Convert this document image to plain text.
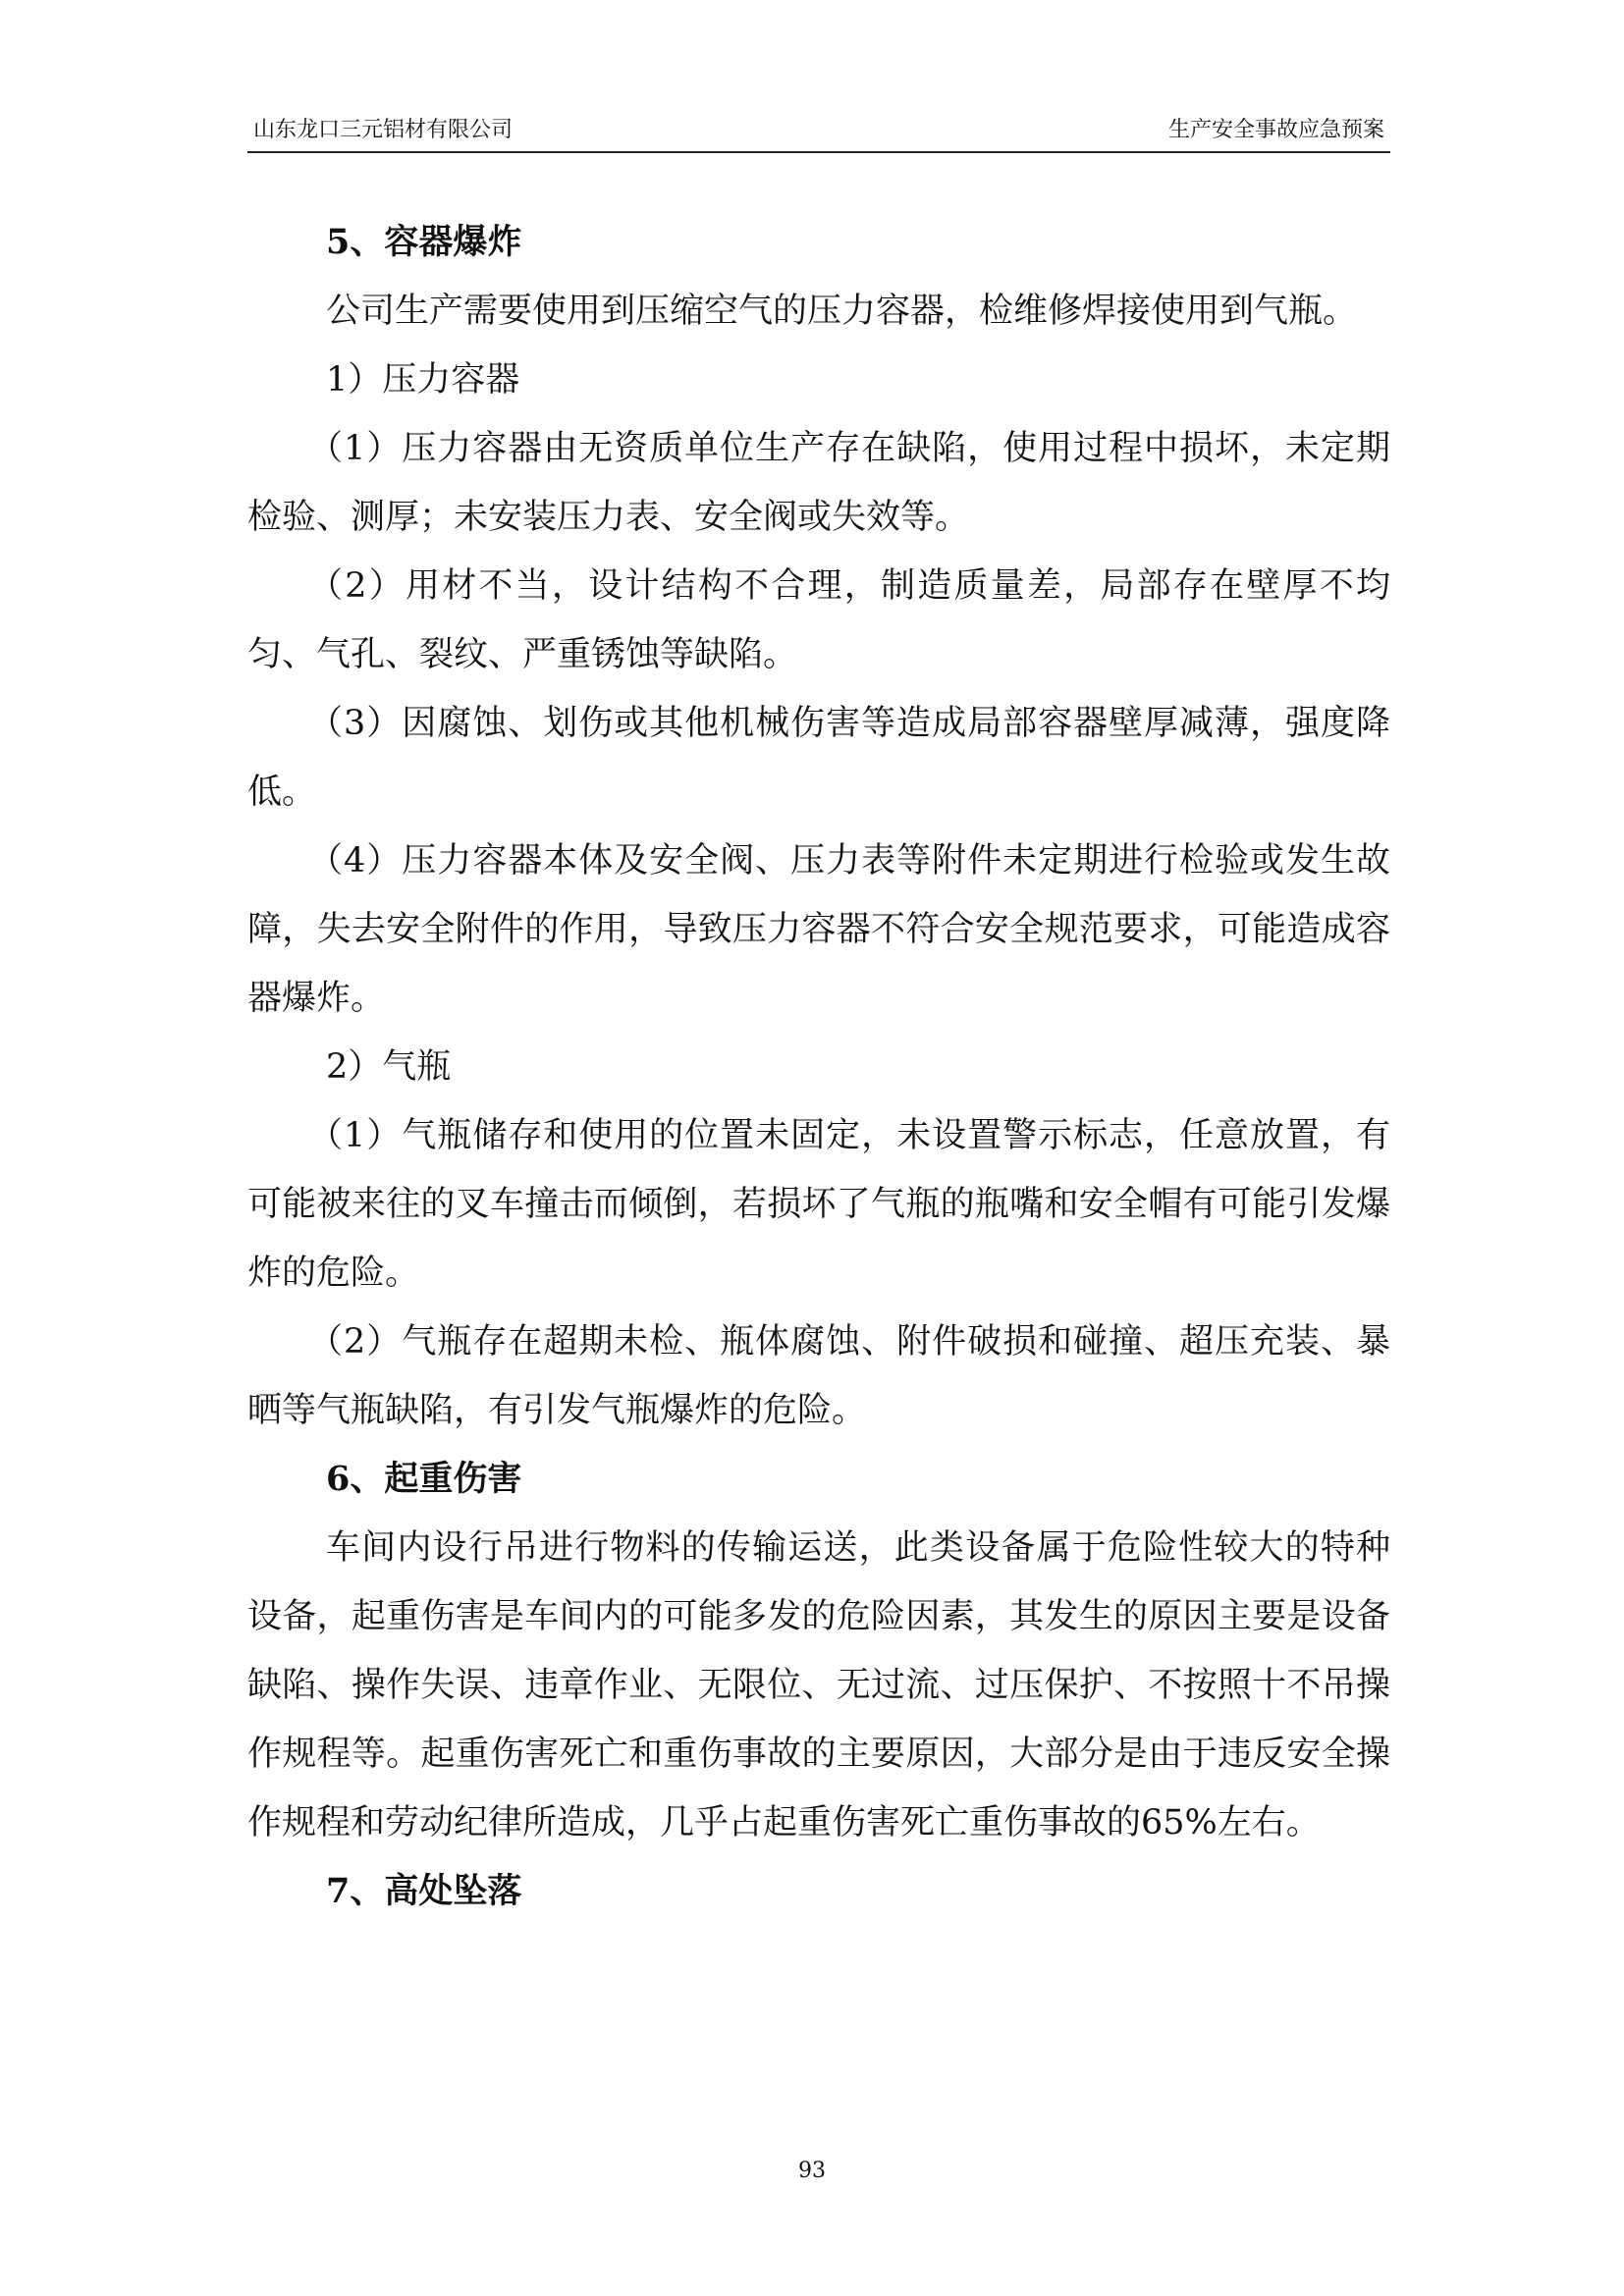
山东龙口三元铝材有限公司	生产安全事故应急预案

5、容器爆炸

公司生产需要使用到压缩空气的压力容器，检维修焊接使用到气瓶。

1）压力容器

（1）压力容器由无资质单位生产存在缺陷，使用过程中损坏，未定期检验、测厚；未安装压力表、安全阀或失效等。

（2）用材不当，设计结构不合理，制造质量差，局部存在壁厚不均匀、气孔、裂纹、严重锈蚀等缺陷。

（3）因腐蚀、划伤或其他机械伤害等造成局部容器壁厚减薄，强度降低。

（4）压力容器本体及安全阀、压力表等附件未定期进行检验或发生故障，失去安全附件的作用，导致压力容器不符合安全规范要求，可能造成容器爆炸。

2）气瓶

（1）气瓶储存和使用的位置未固定，未设置警示标志，任意放置，有可能被来往的叉车撞击而倾倒，若损坏了气瓶的瓶嘴和安全帽有可能引发爆炸的危险。

（2）气瓶存在超期未检、瓶体腐蚀、附件破损和碰撞、超压充装、暴晒等气瓶缺陷，有引发气瓶爆炸的危险。

6、起重伤害

车间内设行吊进行物料的传输运送，此类设备属于危险性较大的特种设备，起重伤害是车间内的可能多发的危险因素，其发生的原因主要是设备缺陷、操作失误、违章作业、无限位、无过流、过压保护、不按照十不吊操作规程等。起重伤害死亡和重伤事故的主要原因，大部分是由于违反安全操作规程和劳动纪律所造成，几乎占起重伤害死亡重伤事故的65%左右。

7、高处坠落

93
